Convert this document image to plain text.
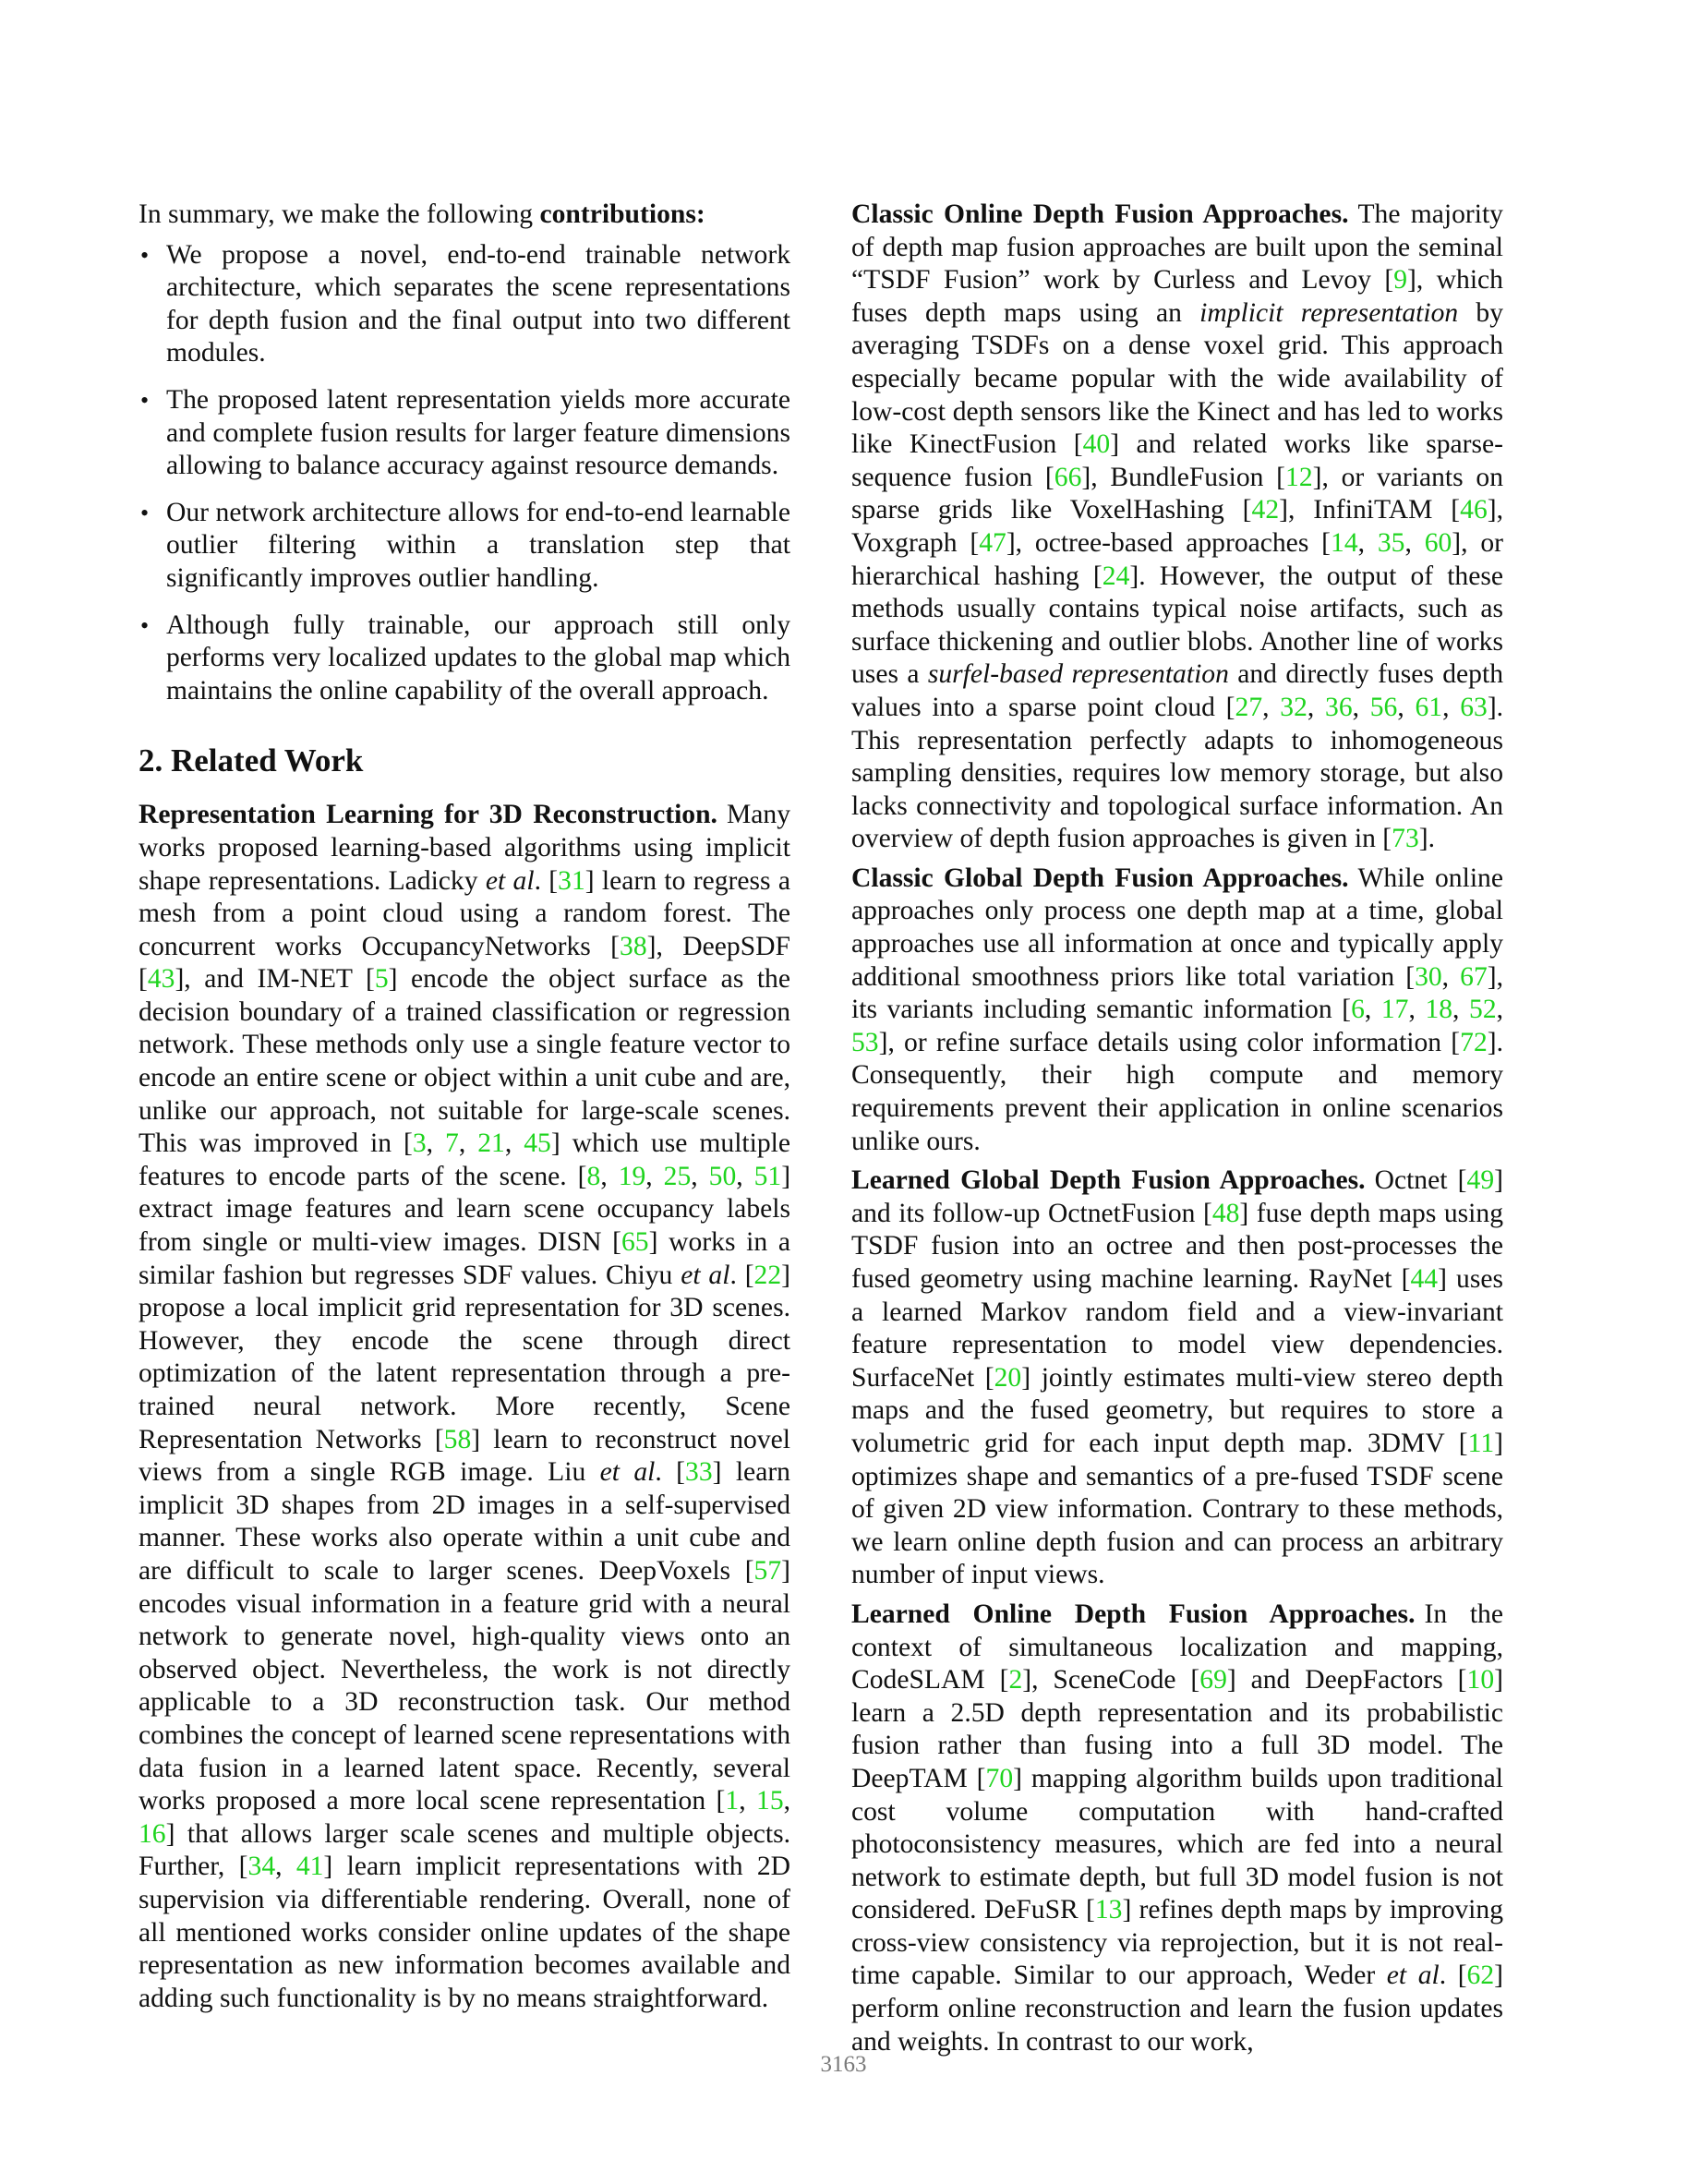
In summary, we make the following contributions:

• We propose a novel, end-to-end trainable network architecture, which separates the scene representations for depth fusion and the final output into two different modules.
• The proposed latent representation yields more accurate and complete fusion results for larger feature dimensions allowing to balance accuracy against resource demands.
• Our network architecture allows for end-to-end learnable outlier filtering within a translation step that significantly improves outlier handling.
• Although fully trainable, our approach still only performs very localized updates to the global map which maintains the online capability of the overall approach.
2. Related Work

Representation Learning for 3D Reconstruction. Many works proposed learning-based algorithms using implicit shape representations. Ladicky et al. [31] learn to regress a mesh from a point cloud using a random forest. The concurrent works OccupancyNetworks [38], DeepSDF [43], and IM-NET [5] encode the object surface as the decision boundary of a trained classification or regression network. These methods only use a single feature vector to encode an entire scene or object within a unit cube and are, unlike our approach, not suitable for large-scale scenes. This was improved in [3, 7, 21, 45] which use multiple features to encode parts of the scene. [8, 19, 25, 50, 51] extract image features and learn scene occupancy labels from single or multi-view images. DISN [65] works in a similar fashion but regresses SDF values. Chiyu et al. [22] propose a local implicit grid representation for 3D scenes. However, they encode the scene through direct optimization of the latent representation through a pre-trained neural network. More recently, Scene Representation Networks [58] learn to reconstruct novel views from a single RGB image. Liu et al. [33] learn implicit 3D shapes from 2D images in a self-supervised manner. These works also operate within a unit cube and are difficult to scale to larger scenes. DeepVoxels [57] encodes visual information in a feature grid with a neural network to generate novel, high-quality views onto an observed object. Nevertheless, the work is not directly applicable to a 3D reconstruction task. Our method combines the concept of learned scene representations with data fusion in a learned latent space. Recently, several works proposed a more local scene representation [1, 15, 16] that allows larger scale scenes and multiple objects. Further, [34, 41] learn implicit representations with 2D supervision via differentiable rendering. Overall, none of all mentioned works consider online updates of the shape representation as new information becomes available and adding such functionality is by no means straightforward.

Classic Online Depth Fusion Approaches. The majority of depth map fusion approaches are built upon the seminal “TSDF Fusion” work by Curless and Levoy [9], which fuses depth maps using an implicit representation by averaging TSDFs on a dense voxel grid. This approach especially became popular with the wide availability of low-cost depth sensors like the Kinect and has led to works like KinectFusion [40] and related works like sparse-sequence fusion [66], BundleFusion [12], or variants on sparse grids like VoxelHashing [42], InfiniTAM [46], Voxgraph [47], octree-based approaches [14, 35, 60], or hierarchical hashing [24]. However, the output of these methods usually contains typical noise artifacts, such as surface thickening and outlier blobs. Another line of works uses a surfel-based representation and directly fuses depth values into a sparse point cloud [27, 32, 36, 56, 61, 63]. This representation perfectly adapts to inhomogeneous sampling densities, requires low memory storage, but also lacks connectivity and topological surface information. An overview of depth fusion approaches is given in [73].

Classic Global Depth Fusion Approaches. While online approaches only process one depth map at a time, global approaches use all information at once and typically apply additional smoothness priors like total variation [30, 67], its variants including semantic information [6, 17, 18, 52, 53], or refine surface details using color information [72]. Consequently, their high compute and memory requirements prevent their application in online scenarios unlike ours.

Learned Global Depth Fusion Approaches. Octnet [49] and its follow-up OctnetFusion [48] fuse depth maps using TSDF fusion into an octree and then post-processes the fused geometry using machine learning. RayNet [44] uses a learned Markov random field and a view-invariant feature representation to model view dependencies. SurfaceNet [20] jointly estimates multi-view stereo depth maps and the fused geometry, but requires to store a volumetric grid for each input depth map. 3DMV [11] optimizes shape and semantics of a pre-fused TSDF scene of given 2D view information. Contrary to these methods, we learn online depth fusion and can process an arbitrary number of input views.

Learned Online Depth Fusion Approaches. In the context of simultaneous localization and mapping, CodeSLAM [2], SceneCode [69] and DeepFactors [10] learn a 2.5D depth representation and its probabilistic fusion rather than fusing into a full 3D model. The DeepTAM [70] mapping algorithm builds upon traditional cost volume computation with hand-crafted photoconsistency measures, which are fed into a neural network to estimate depth, but full 3D model fusion is not considered. DeFuSR [13] refines depth maps by improving cross-view consistency via reprojection, but it is not real-time capable. Similar to our approach, Weder et al. [62] perform online reconstruction and learn the fusion updates and weights. In contrast to our work,

3163
